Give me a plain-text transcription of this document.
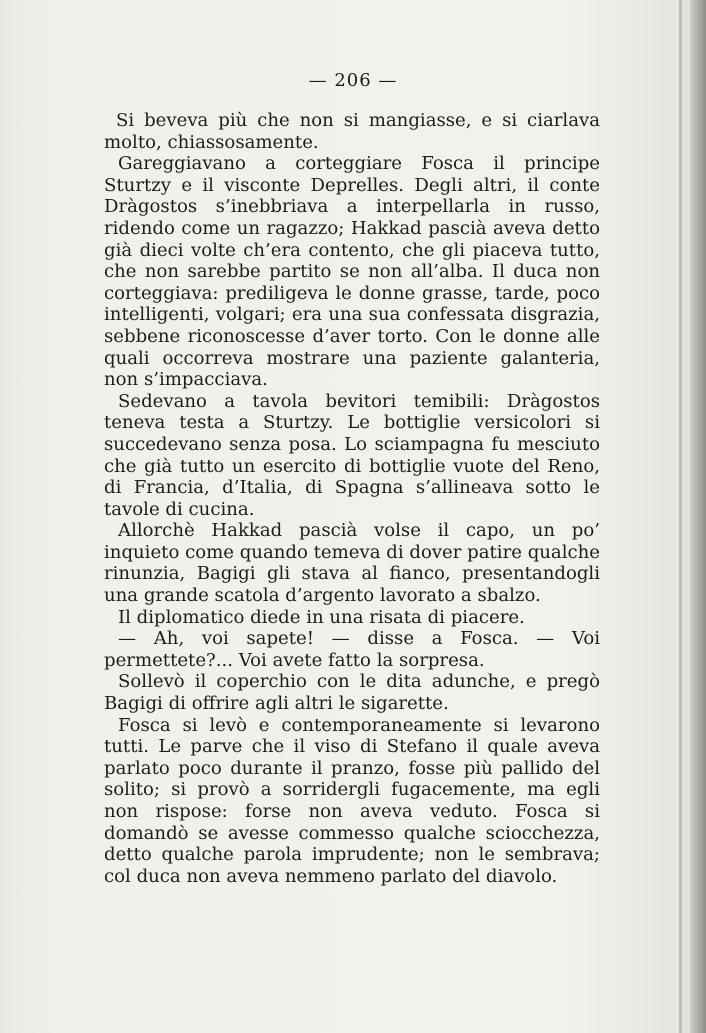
— 206 —

Si beveva più che non si mangiasse, e si ciarlava molto, chiassosamente.

Gareggiavano a corteggiare Fosca il principe Sturtzy e il visconte Deprelles. Degli altri, il conte Dràgostos s’inebbriava a interpellarla in russo, ridendo come un ragazzo; Hakkad pascià aveva detto già dieci volte ch’era contento, che gli piaceva tutto, che non sarebbe partito se non all’alba. Il duca non corteggiava: prediligeva le donne grasse, tarde, poco intelligenti, volgari; era una sua confessata disgrazia, sebbene riconoscesse d’aver torto. Con le donne alle quali occorreva mostrare una paziente galanteria, non s’impacciava.

Sedevano a tavola bevitori temibili: Dràgostos teneva testa a Sturtzy. Le bottiglie versicolori si succedevano senza posa. Lo sciampagna fu mesciuto che già tutto un esercito di bottiglie vuote del Reno, di Francia, d’Italia, di Spagna s’allineava sotto le tavole di cucina.

Allorchè Hakkad pascià volse il capo, un po’ inquieto come quando temeva di dover patire qualche rinunzia, Bagigi gli stava al fianco, presentandogli una grande scatola d’argento lavorato a sbalzo.

Il diplomatico diede in una risata di piacere.

— Ah, voi sapete! — disse a Fosca. — Voi permettete?... Voi avete fatto la sorpresa.

Sollevò il coperchio con le dita adunche, e pregò Bagigi di offrire agli altri le sigarette.

Fosca si levò e contemporaneamente si levarono tutti. Le parve che il viso di Stefano il quale aveva parlato poco durante il pranzo, fosse più pallido del solito; si provò a sorridergli fugacemente, ma egli non rispose: forse non aveva veduto. Fosca si domandò se avesse commesso qualche sciocchezza, detto qualche parola imprudente; non le sembrava; col duca non aveva nemmeno parlato del diavolo.
